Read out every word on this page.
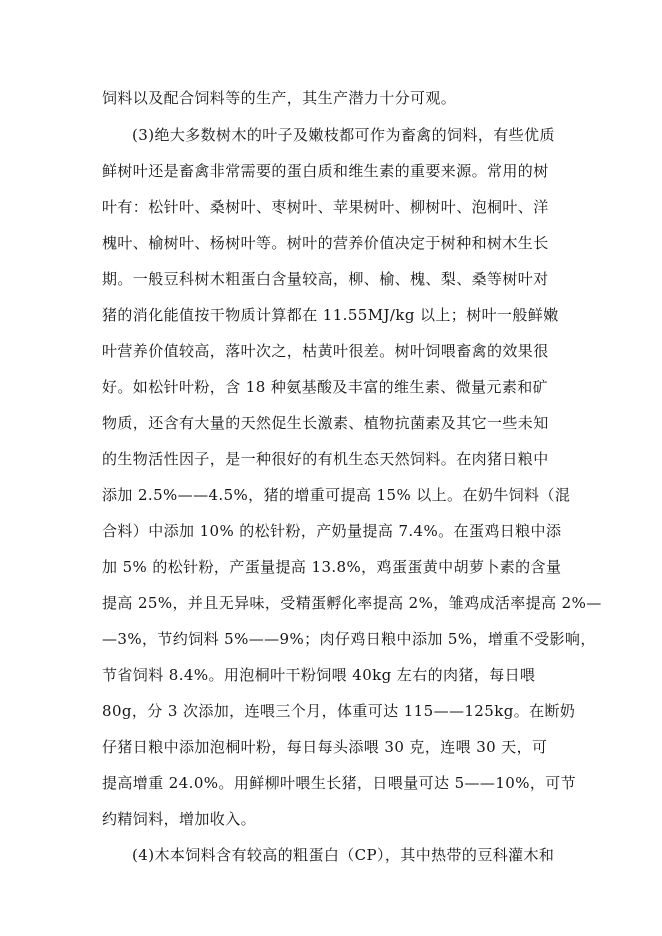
饲料以及配合饲料等的生产，其生产潜力十分可观。
(3)绝大多数树木的叶子及嫩枝都可作为畜禽的饲料，有些优质
鲜树叶还是畜禽非常需要的蛋白质和维生素的重要来源。常用的树
叶有：松针叶、桑树叶、枣树叶、苹果树叶、柳树叶、泡桐叶、洋
槐叶、榆树叶、杨树叶等。树叶的营养价值决定于树种和树木生长
期。一般豆科树木粗蛋白含量较高，柳、榆、槐、梨、桑等树叶对
猪的消化能值按干物质计算都在 11.55MJ/kg 以上；树叶一般鲜嫩
叶营养价值较高，落叶次之，枯黄叶很差。树叶饲喂畜禽的效果很
好。如松针叶粉，含 18 种氨基酸及丰富的维生素、微量元素和矿
物质，还含有大量的天然促生长激素、植物抗菌素及其它一些未知
的生物活性因子，是一种很好的有机生态天然饲料。在肉猪日粮中
添加 2.5%——4.5%，猪的增重可提高 15% 以上。在奶牛饲料（混
合料）中添加 10% 的松针粉，产奶量提高 7.4%。在蛋鸡日粮中添
加 5% 的松针粉，产蛋量提高 13.8%，鸡蛋蛋黄中胡萝卜素的含量
提高 25%，并且无异味，受精蛋孵化率提高 2%，雏鸡成活率提高 2%—
—3%，节约饲料 5%——9%；肉仔鸡日粮中添加 5%，增重不受影响，
节省饲料 8.4%。用泡桐叶干粉饲喂 40kg 左右的肉猪，每日喂
80g，分 3 次添加，连喂三个月，体重可达 115——125kg。在断奶
仔猪日粮中添加泡桐叶粉，每日每头添喂 30 克，连喂 30 天，可
提高增重 24.0%。用鲜柳叶喂生长猪，日喂量可达 5——10%，可节
约精饲料，增加收入。
(4)木本饲料含有较高的粗蛋白（CP），其中热带的豆科灌木和
